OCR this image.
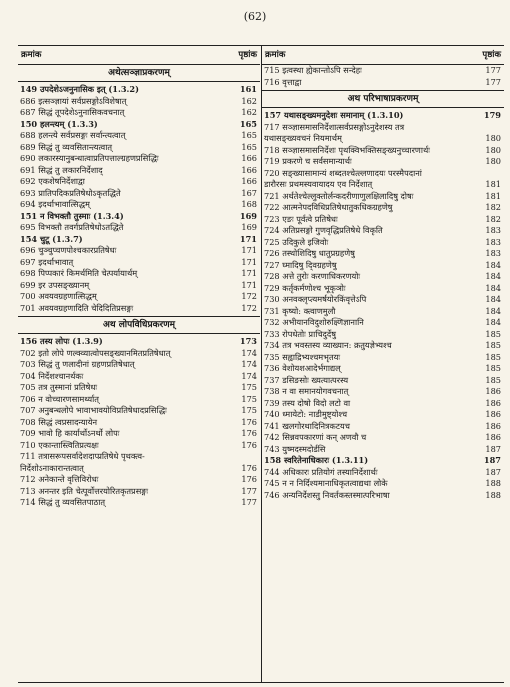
(62)
क्रमांक	पृष्ठांक
अथेत्सञ्ज्ञाप्रकरणम्
149 उपदेशेऽजनुनासिक इत् (1.3.2)	161
686 इत्सञ्ज्ञायां सर्वप्रसङ्गोऽविशेषात्	162
687 सिद्धं तूपदेशेऽनुनासिकवचनात्	162
150 हलन्त्यम् (1.3.3)	165
688 हलन्त्ये सर्वप्रसङ्गः सर्वान्त्यत्वात्	165
689 सिद्धं तु व्यवसितान्त्यत्वात्	165
690 लकारस्यानुबन्धात्वाप्रतिपत्ताल्ग्रहणप्रसिद्धिः	166
691 सिद्धं तु लकारनिर्देशाद्	166
692 एकशेषनिर्देशाद्वा	166
693 प्रातिपदिकप्रतिषेधोऽकृतद्धिते	167
694 इदर्थाभावात्सिद्धम्	168
151 न विभक्तौ तुस्माः (1.3.4)	169
695 विभक्तौ तवर्गप्रतिषेधोऽतद्धिते	169
154 चुटू (1.3.7)	171
696 चुञ्चुप्चणपोश्चकारप्रतिषेधः	171
697 इदर्थाभावात्	171
698 पिप्पकारं किमर्थमिति चेत्पर्यायार्थम्	171
699 इर उपसङ्ख्यानम्	171
700 अवयवग्रहणात्सिद्धम्	172
701 अवयवग्रहणादिति चेदिदितिप्रसङ्गः	172
अथ लोपविधिप्रकरणम्
156 तस्य लोपः (1.3.9)	173
702 इतो लोपे णल्क्व्यात्वोपसङ्ख्यानमितप्रतिषेधात्	174
703 सिद्धं तु णलादीनां ग्रहणप्रतिषेधात्	174
704 निर्देशश्चानर्थकः	174
705 तत्र तुस्मानां प्रतिषेधः	175
706 न वोच्चारणसामर्थ्यात्	175
707 अनुबन्धलोपे भावाभावयोविप्रतिषेधादप्रसिद्धिः	175
708 सिद्धं त्वप्रसादन्यायेन	176
709 भावो हि कार्यार्थोऽनर्थो लोपः	176
710 एकान्तास्त्वितिप्रत्यक्षः	176
711 तत्रासरूपसर्वादेशदाप्प्रतिषेधे पृथक्त्व-
निर्देशोऽनाकारान्तत्वात्	176
712 अनेकान्ते वृत्तिविरोधः	176
713 अनन्तर इति चेत्पूर्वोत्तरयोरितकृतप्रसङ्गः	177
714 सिद्धं तु व्यवसितपाठात्	177
क्रमांक	पृष्ठांक
715 इत्वस्था ह्येकान्तोऽपि सन्देहः	177
716 वृत्ताद्वा	177
अथ परिभाषाप्रकरणम्
157 यथासङ्ख्यमनुदेशः समानाम् (1.3.10)	179
717 सञ्ज्ञासमासनिर्देशात्सर्वप्रसङ्गोऽनुदेशस्य तत्र
यथासङ्ख्यवचनं नियमार्थम्	180
718 सञ्ज्ञासमासनिर्देशः पृथक्विभक्तिसङ्ख्यनुच्चारणार्थः	180
719 प्रकरणे च सर्वसमान्यार्थः	180
720 सङ्ख्यासामान्यं शब्दतश्चेत्ल्लणादयः परस्मैपदानां
डारौरसः प्रथमस्यवायादय एव निर्देशात्	181
721 अर्थतेश्चेल्लुक्तोर्लन्कदरीणाणुलक्षिलादिषु दोषः	181
722 आत्मनेपदविधिप्रतिषेधातुकधिकग्रहणेषु	182
723 एङः पूर्वत्वे प्रतिषेधः	182
724 अतिप्रसङ्गो गुणवृद्धिप्रतिषेधे विकृति	183
725 उदिकुले इजिवोः	183
726 तस्थोशिदिषु धातुप्रग्रहणेषु	183
727 घ्मादिषु दि्वग्रहणेषु	184
728 अत्ते तुरोः करणाधिकरणयोः	184
729 कर्तृकर्मणोश्च भूकृञोः	184
730 अनवक्लृप्त्यमर्षयोरकिंवृत्तेऽपि	184
731 कृष्यो: क्त्वाणमुलौ	184
732 अभीयानविदुशोरुक्ष्णिज्ञानानि	184
733 रोपधेतोः प्राचिदुर्देषु	185
734 तत्र भवस्तस्य व्याख्यान: क्रतुयज्ञेभ्यश्च	185
735 सह्वाद्रिभ्यश्चमभृतयः	185
736 वेशोयशआदेर्भगाद्यल्	185
737 डसिङसोः ख्यत्यात्परस्य	185
738 न वा समानयोगवचनात्	186
739 तस्य दोषो विदो लटो वा	186
740 ध्मायेटो: नाडीमुष्ट्योश्च	186
741 खलगोरथादिनित्रकटयच	186
742 सिन्नवपकारणां कन् अणवौ च	186
743 युष्मदस्मदोर्डसि	187
158 स्वरितेनाधिकारः (1.3.11)	187
744 अधिकारः प्रतियोगं तस्यानिर्देशार्थः	187
745 न न निर्दिश्यमानाधिकृतत्वाद्यथा लोके	188
746 अन्यनिर्देशस्तु निवर्तकस्तस्मात्परिभाषा	188
